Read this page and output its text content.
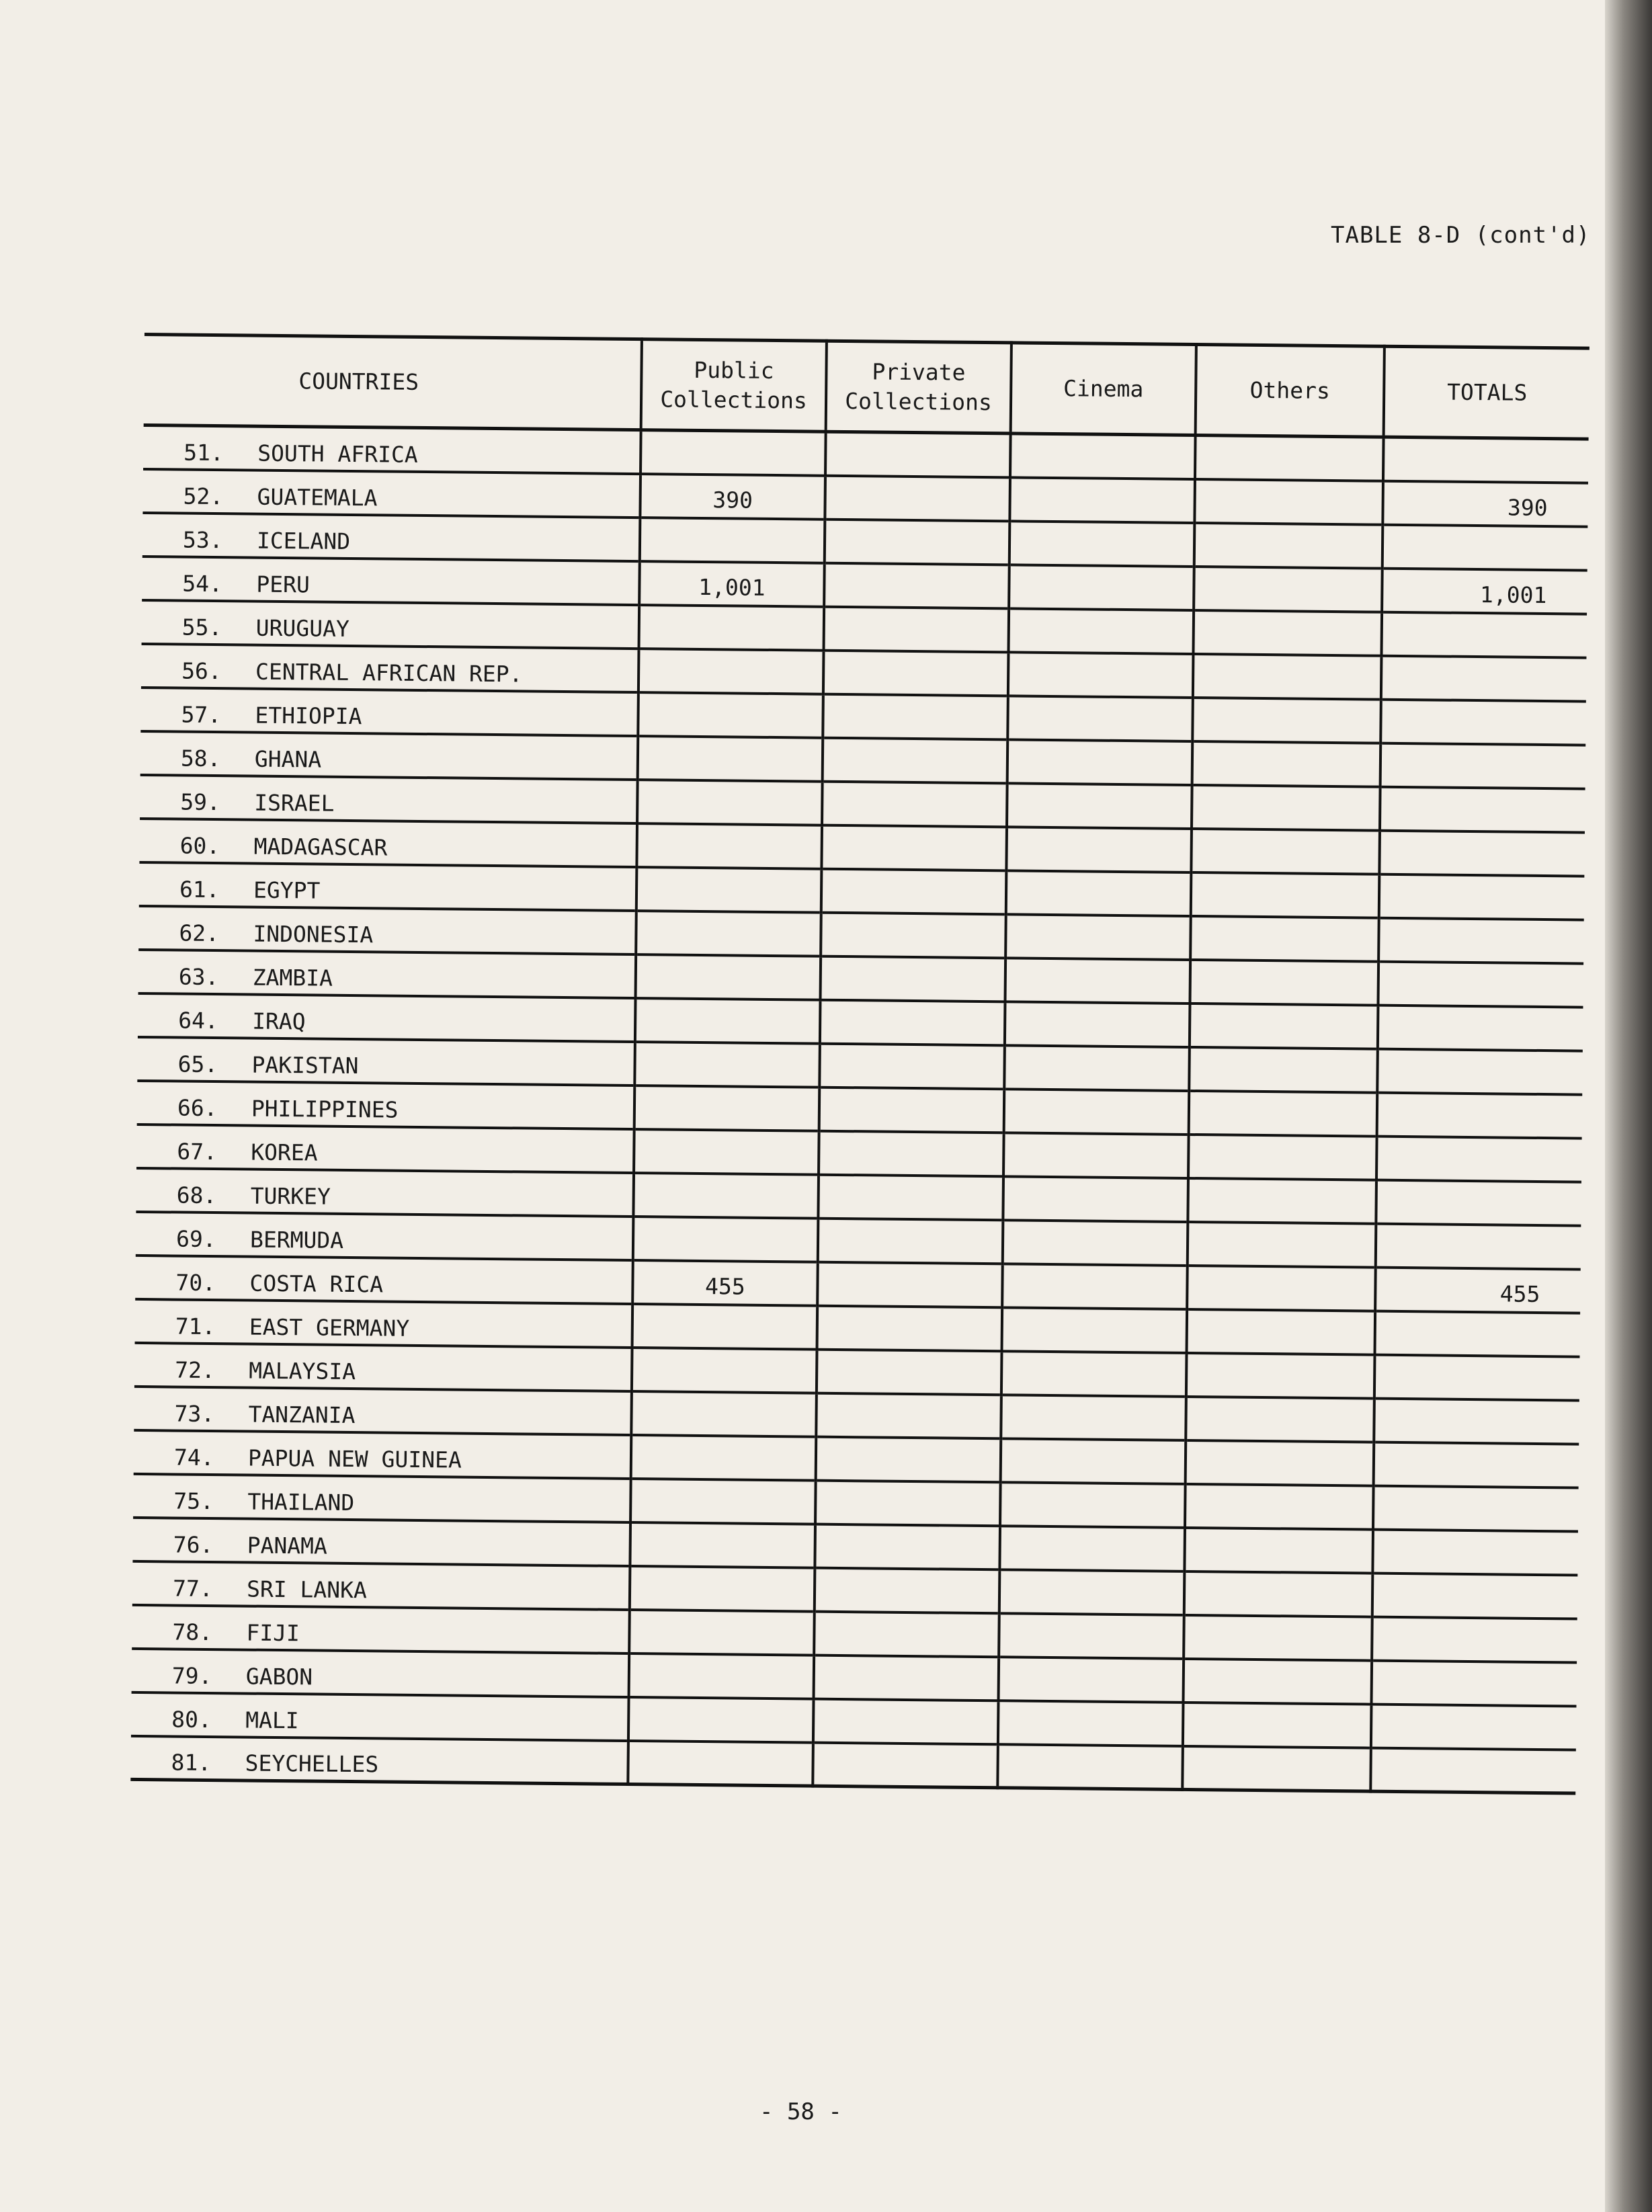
TABLE 8-D (cont'd)
COUNTRIES	Public Collections	Private Collections	Cinema	Others	TOTALS
51. SOUTH AFRICA					
52. GUATEMALA	390				390
53. ICELAND					
54. PERU	1,001				1,001
55. URUGUAY					
56. CENTRAL AFRICAN REP.					
57. ETHIOPIA					
58. GHANA					
59. ISRAEL					
60. MADAGASCAR					
61. EGYPT					
62. INDONESIA					
63. ZAMBIA					
64. IRAQ					
65. PAKISTAN					
66. PHILIPPINES					
67. KOREA					
68. TURKEY					
69. BERMUDA					
70. COSTA RICA	455				455
71. EAST GERMANY					
72. MALAYSIA					
73. TANZANIA					
74. PAPUA NEW GUINEA					
75. THAILAND					
76. PANAMA					
77. SRI LANKA					
78. FIJI					
79. GABON					
80. MALI					
81. SEYCHELLES					
- 58 -
